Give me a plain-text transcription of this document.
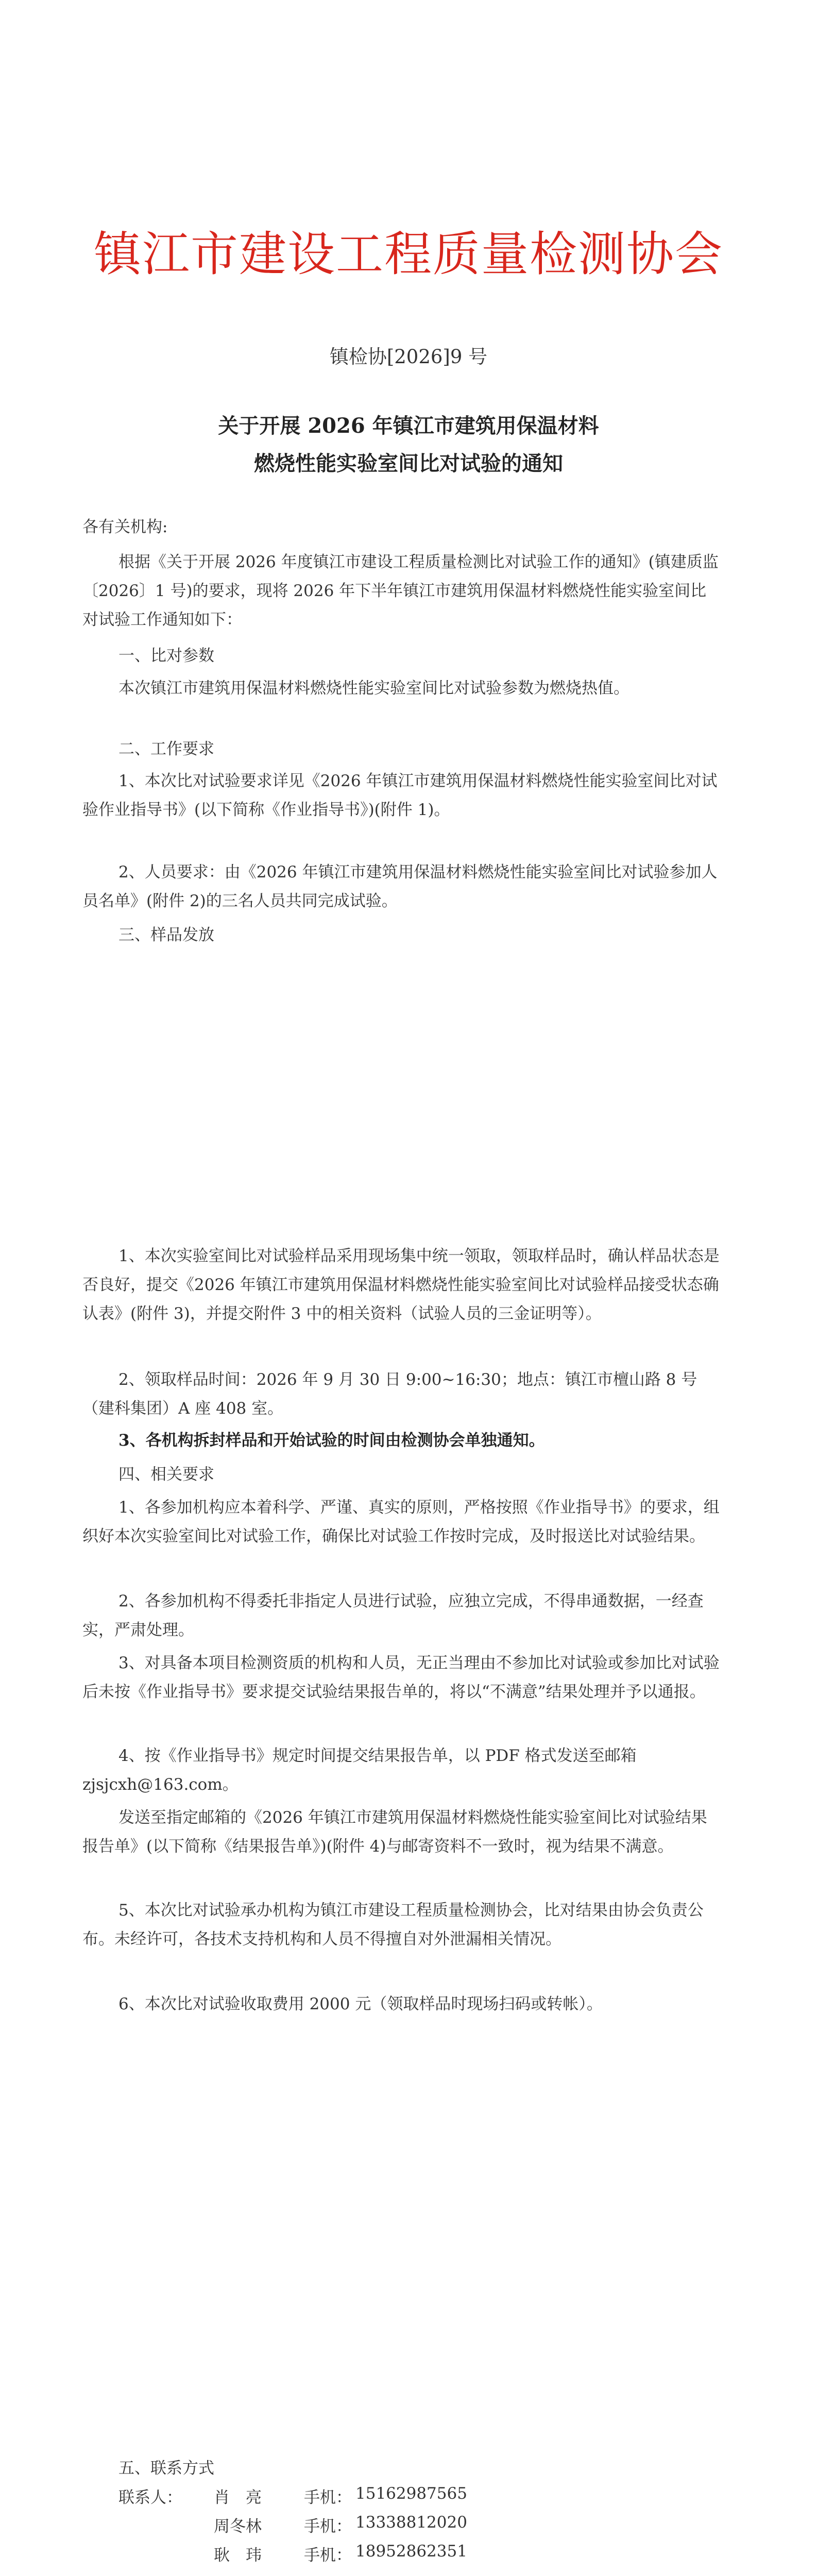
镇江市建设工程质量检测协会
镇检协[2026]9 号
关于开展 2026 年镇江市建筑用保温材料
燃烧性能实验室间比对试验的通知

各有关机构:

根据《关于开展 2026 年度镇江市建设工程质量检测比对试验工作的通知》(镇建质监〔2026〕1 号)的要求，现将 2026 年下半年镇江市建筑用保温材料燃烧性能实验室间比对试验工作通知如下：

一、比对参数

本次镇江市建筑用保温材料燃烧性能实验室间比对试验参数为燃烧热值。

二、工作要求

1、本次比对试验要求详见《2026 年镇江市建筑用保温材料燃烧性能实验室间比对试验作业指导书》(以下简称《作业指导书》)(附件 1)。

2、人员要求：由《2026 年镇江市建筑用保温材料燃烧性能实验室间比对试验参加人员名单》(附件 2)的三名人员共同完成试验。

三、样品发放

1、本次实验室间比对试验样品采用现场集中统一领取，领取样品时，确认样品状态是否良好，提交《2026 年镇江市建筑用保温材料燃烧性能实验室间比对试验样品接受状态确认表》(附件 3)，并提交附件 3 中的相关资料（试验人员的三金证明等）。

2、领取样品时间：2026 年 9 月 30 日 9:00~16:30；地点：镇江市檀山路 8 号（建科集团）A 座 408 室。

3、各机构拆封样品和开始试验的时间由检测协会单独通知。

四、相关要求

1、各参加机构应本着科学、严谨、真实的原则，严格按照《作业指导书》的要求，组织好本次实验室间比对试验工作，确保比对试验工作按时完成，及时报送比对试验结果。

2、各参加机构不得委托非指定人员进行试验，应独立完成，不得串通数据，一经查实，严肃处理。

3、对具备本项目检测资质的机构和人员，无正当理由不参加比对试验或参加比对试验后未按《作业指导书》要求提交试验结果报告单的，将以“不满意”结果处理并予以通报。

4、按《作业指导书》规定时间提交结果报告单，以 PDF 格式发送至邮箱 zjsjcxh@163.com。

发送至指定邮箱的《2026 年镇江市建筑用保温材料燃烧性能实验室间比对试验结果报告单》(以下简称《结果报告单》)(附件 4)与邮寄资料不一致时，视为结果不满意。

5、本次比对试验承办机构为镇江市建设工程质量检测协会，比对结果由协会负责公布。未经许可，各技术支持机构和人员不得擅自对外泄漏相关情况。

6、本次比对试验收取费用 2000 元（领取样品时现场扫码或转帐）。

五、联系方式
联系人： 肖　亮	手机： 15162987565
周冬林	手机： 13338812020
耿　玮	手机： 18952862351
